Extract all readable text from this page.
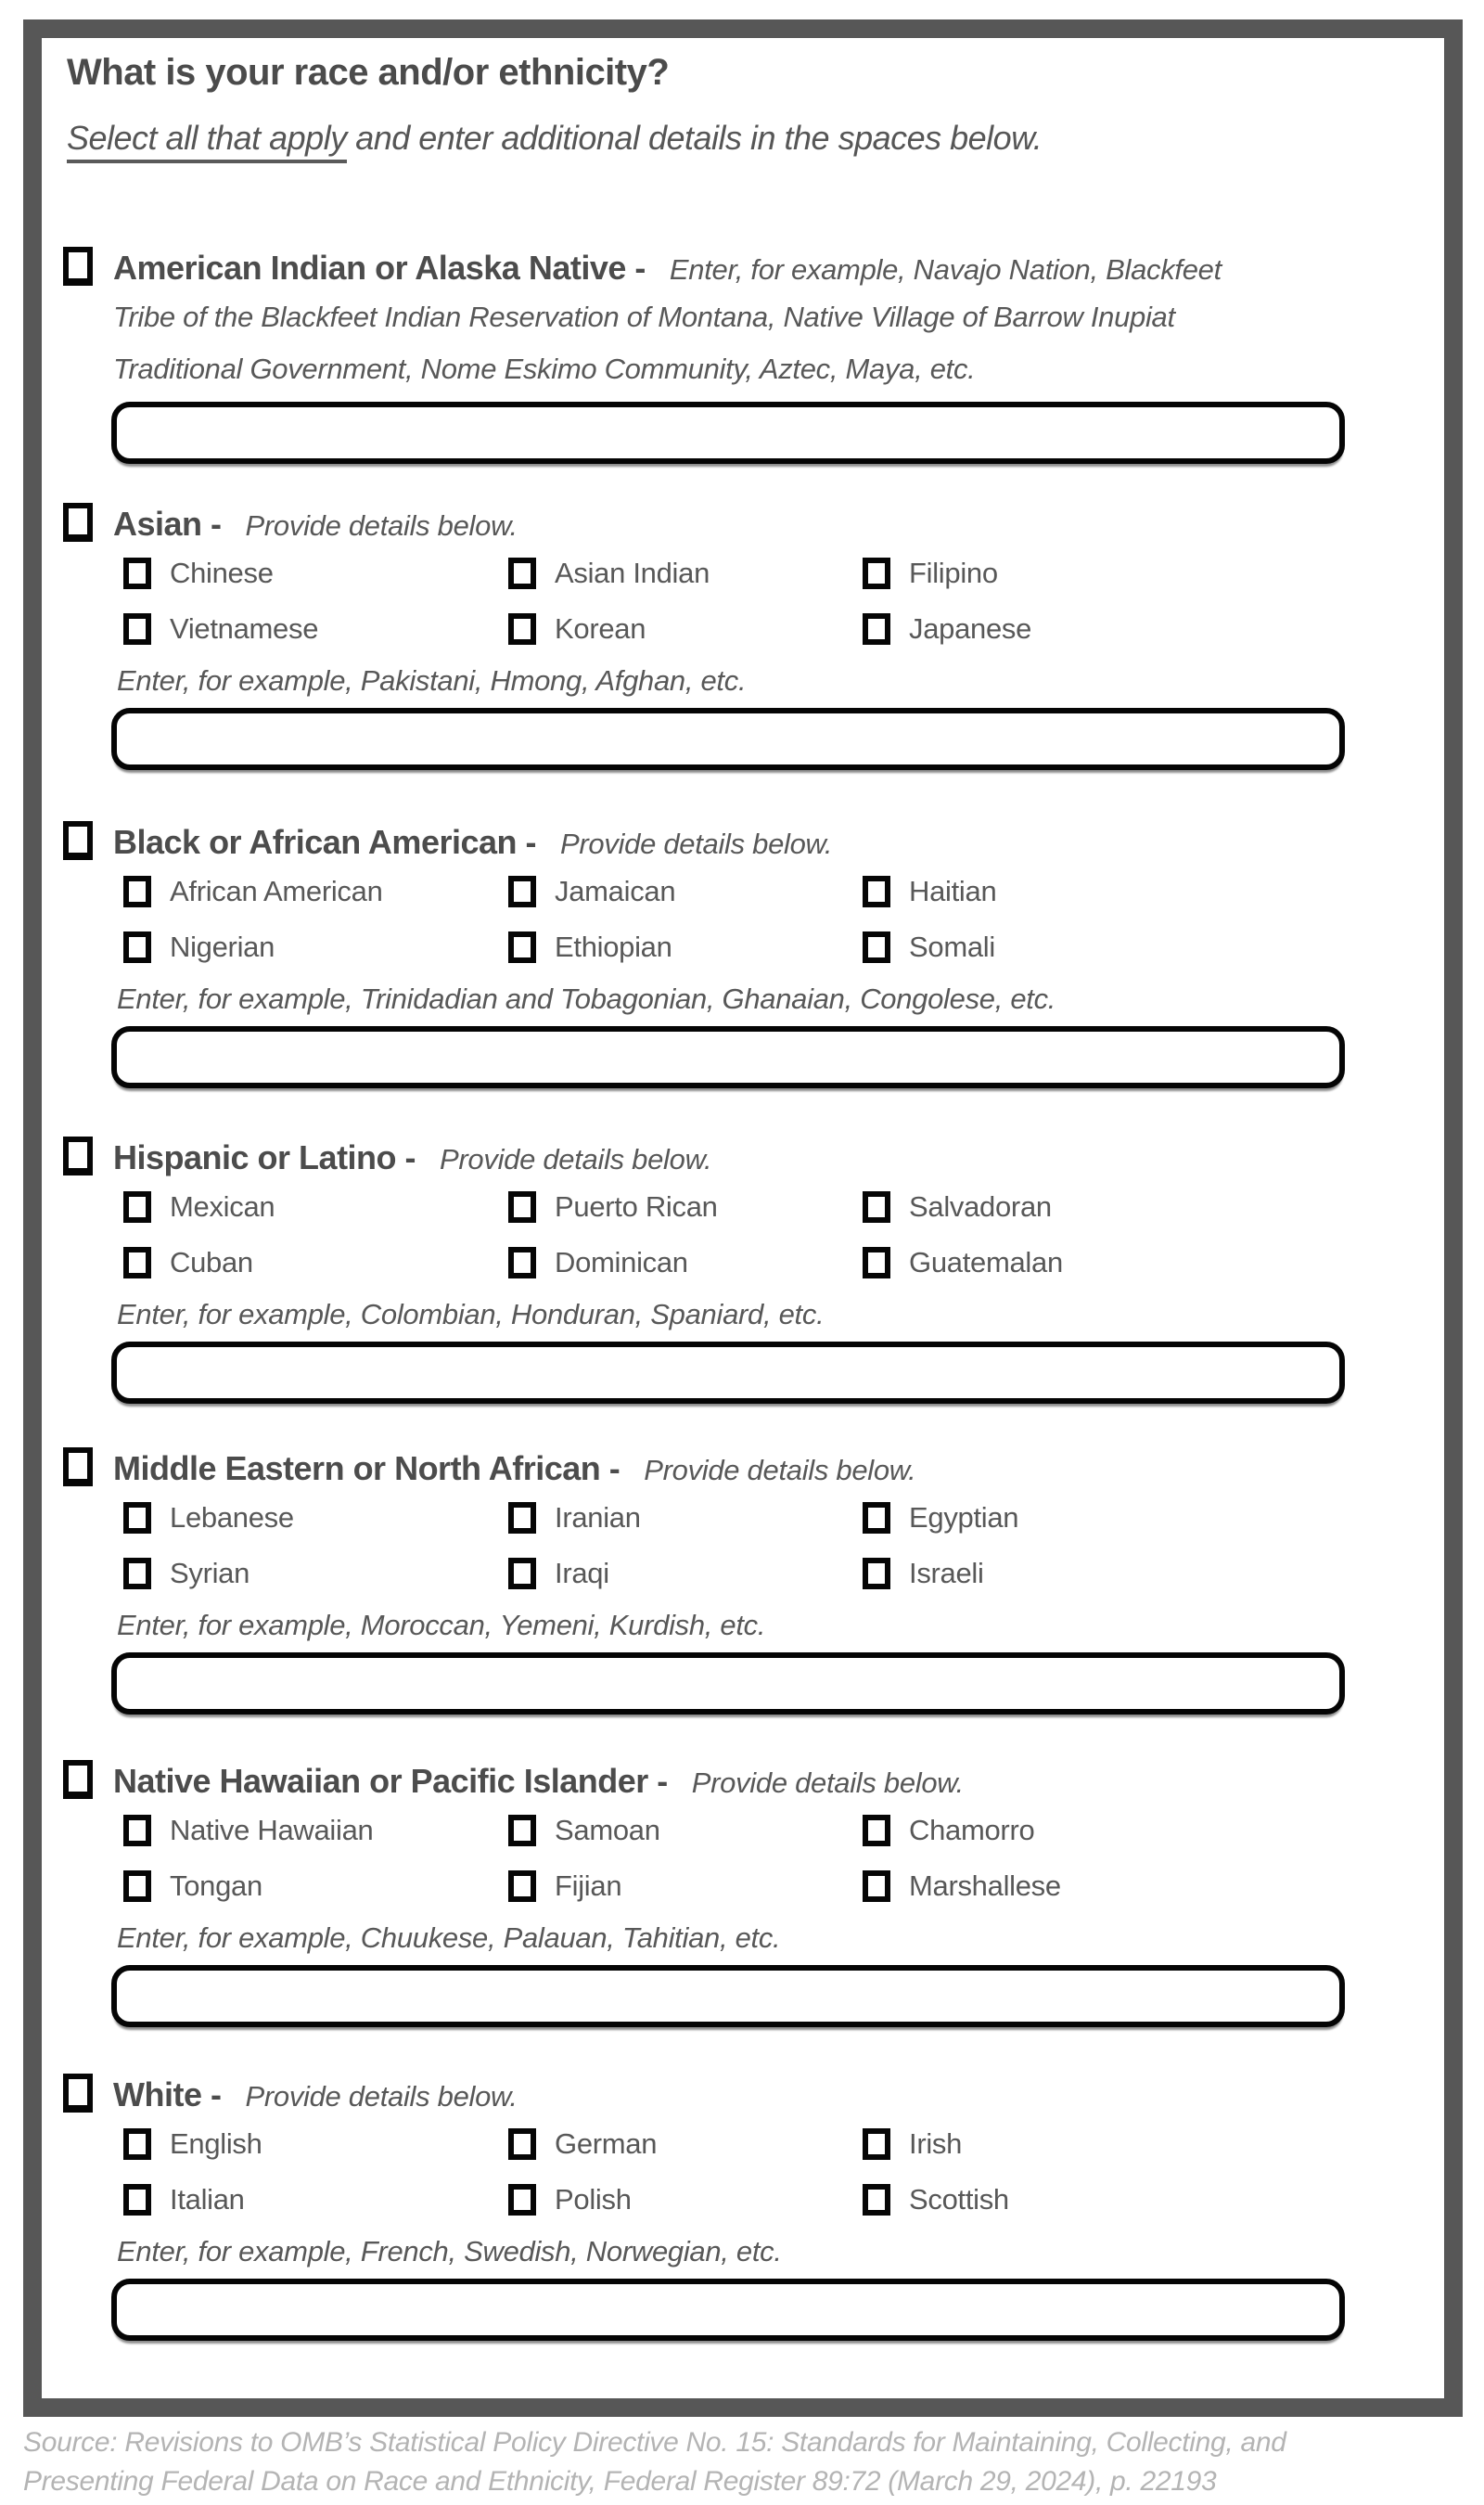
What is your race and/or ethnicity?
Select all that apply and enter additional details in the spaces below.
American Indian or Alaska Native - Enter, for example, Navajo Nation, Blackfeet
Tribe of the Blackfeet Indian Reservation of Montana, Native Village of Barrow Inupiat
Traditional Government, Nome Eskimo Community, Aztec, Maya, etc.
Asian - Provide details below.
Chinese	Asian Indian	Filipino
Vietnamese	Korean	Japanese
Enter, for example, Pakistani, Hmong, Afghan, etc.
Black or African American - Provide details below.
African American	Jamaican	Haitian
Nigerian	Ethiopian	Somali
Enter, for example, Trinidadian and Tobagonian, Ghanaian, Congolese, etc.
Hispanic or Latino - Provide details below.
Mexican	Puerto Rican	Salvadoran
Cuban	Dominican	Guatemalan
Enter, for example, Colombian, Honduran, Spaniard, etc.
Middle Eastern or North African - Provide details below.
Lebanese	Iranian	Egyptian
Syrian	Iraqi	Israeli
Enter, for example, Moroccan, Yemeni, Kurdish, etc.
Native Hawaiian or Pacific Islander - Provide details below.
Native Hawaiian	Samoan	Chamorro
Tongan	Fijian	Marshallese
Enter, for example, Chuukese, Palauan, Tahitian, etc.
White - Provide details below.
English	German	Irish
Italian	Polish	Scottish
Enter, for example, French, Swedish, Norwegian, etc.
Source: Revisions to OMB’s Statistical Policy Directive No. 15: Standards for Maintaining, Collecting, and
Presenting Federal Data on Race and Ethnicity, Federal Register 89:72 (March 29, 2024), p. 22193
